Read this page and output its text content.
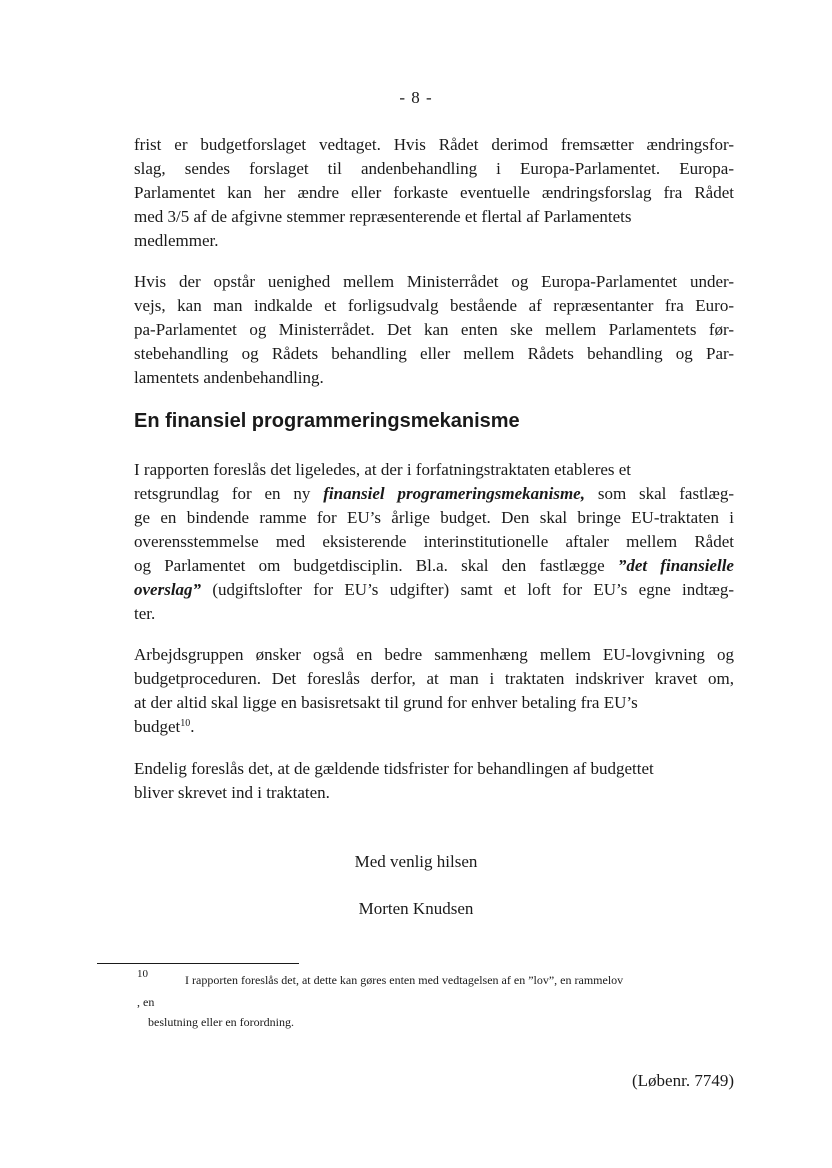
- 8 -

frist er budgetforslaget vedtaget. Hvis Rådet derimod fremsætter ændringsfor-
slag, sendes forslaget til andenbehandling i Europa-Parlamentet. Europa-
Parlamentet kan her ændre eller forkaste eventuelle ændringsforslag fra Rådet
med 3/5 af de afgivne stemmer repræsenterende et flertal af Parlamentets
medlemmer.

Hvis der opstår uenighed mellem Ministerrådet og Europa-Parlamentet under-
vejs, kan man indkalde et forligsudvalg bestående af repræsentanter fra Euro-
pa-Parlamentet og Ministerrådet. Det kan enten ske mellem Parlamentets før-
stebehandling og Rådets behandling eller mellem Rådets behandling og Par-
lamentets andenbehandling.

En finansiel programmeringsmekanisme

I rapporten foreslås det ligeledes, at der i forfatningstraktaten etableres et
retsgrundlag for en ny finansiel programeringsmekanisme, som skal fastlæg-
ge en bindende ramme for EU’s årlige budget. Den skal bringe EU-traktaten i
overensstemmelse med eksisterende interinstitutionelle aftaler mellem Rådet
og Parlamentet om budgetdisciplin. Bl.a. skal den fastlægge ”det finansielle
overslag” (udgiftslofter for EU’s udgifter) samt et loft for EU’s egne indtæg-
ter.

Arbejdsgruppen ønsker også en bedre sammenhæng mellem EU-lovgivning og
budgetproceduren. Det foreslås derfor, at man i traktaten indskriver kravet om,
at der altid skal ligge en basisretsakt til grund for enhver betaling fra EU’s
budget$^{10}$.

Endelig foreslås det, at de gældende tidsfrister for behandlingen af budgettet
bliver skrevet ind i traktaten.

Med venlig hilsen
Morten Knudsen
10	I rapporten foreslås det, at dette kan gøres enten med vedtagelsen af en ”lov”, en rammelov
, en
beslutning eller en forordning.
(Løbenr. 7749)
